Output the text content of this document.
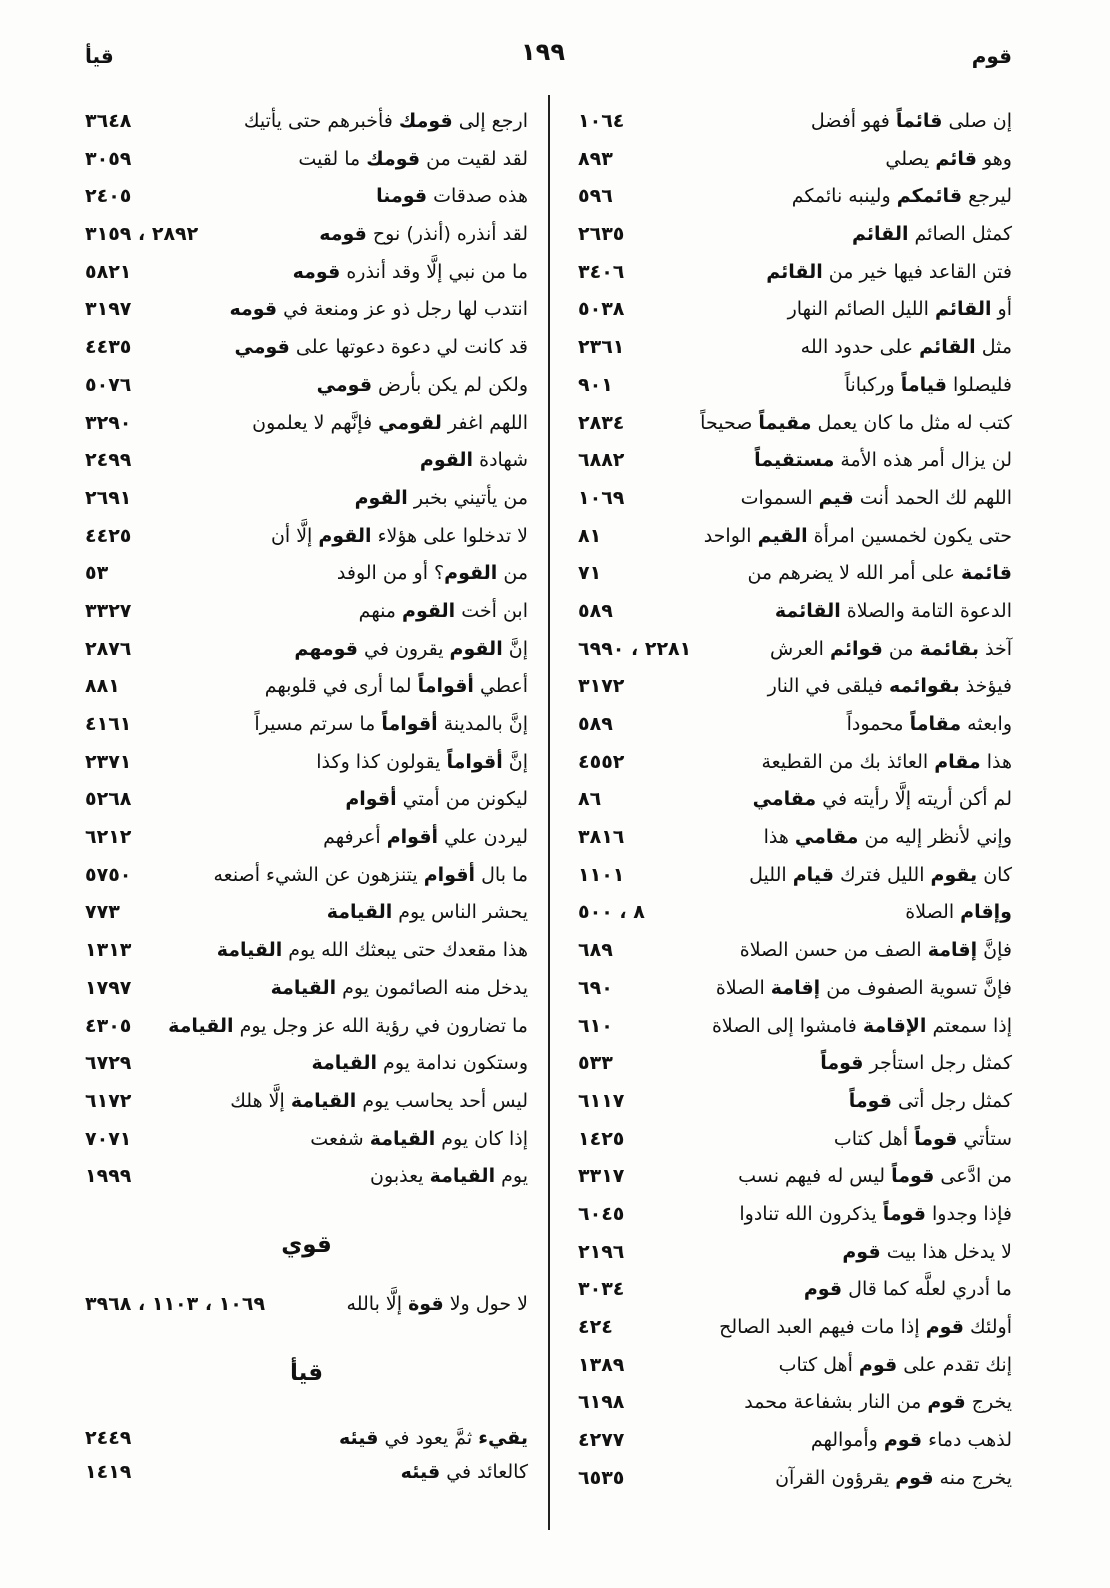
قوم
١٩٩
قيأ
١٠٦٤	إن صلى قائماً فهو أفضل
٨٩٣	وهو قائم يصلي
٥٩٦	ليرجع قائمكم ولينبه نائمكم
٢٦٣٥	كمثل الصائم القائم
٣٤٠٦	فتن القاعد فيها خير من القائم
٥٠٣٨	أو القائم الليل الصائم النهار
٢٣٦١	مثل القائم على حدود الله
٩٠١	فليصلوا قياماً وركباناً
٢٨٣٤	كتب له مثل ما كان يعمل مقيماً صحيحاً
٦٨٨٢	لن يزال أمر هذه الأمة مستقيماً
١٠٦٩	اللهم لك الحمد أنت قيم السموات
٨١	حتى يكون لخمسين امرأة القيم الواحد
٧١	قائمة على أمر الله لا يضرهم من
٥٨٩	الدعوة التامة والصلاة القائمة
٢٢٨١ ، ٦٩٩٠	آخذ بقائمة من قوائم العرش
٣١٧٢	فيؤخذ بقوائمه فيلقى في النار
٥٨٩	وابعثه مقاماً محموداً
٤٥٥٢	هذا مقام العائذ بك من القطيعة
٨٦	لم أكن أريته إلَّا رأيته في مقامي
٣٨١٦	وإني لأنظر إليه من مقامي هذا
١١٠١	كان يقوم الليل فترك قيام الليل
٨ ، ٥٠٠	وإقام الصلاة
٦٨٩	فإنَّ إقامة الصف من حسن الصلاة
٦٩٠	فإنَّ تسوية الصفوف من إقامة الصلاة
٦١٠	إذا سمعتم الإقامة فامشوا إلى الصلاة
٥٣٣	كمثل رجل استأجر قوماً
٦١١٧	كمثل رجل أتى قوماً
١٤٢٥	ستأتي قوماً أهل كتاب
٣٣١٧	من ادَّعى قوماً ليس له فيهم نسب
٦٠٤٥	فإذا وجدوا قوماً يذكرون الله تنادوا
٢١٩٦	لا يدخل هذا بيت قوم
٣٠٣٤	ما أدري لعلَّه كما قال قوم
٤٢٤	أولئك قوم إذا مات فيهم العبد الصالح
١٣٨٩	إنك تقدم على قوم أهل كتاب
٦١٩٨	يخرج قوم من النار بشفاعة محمد
٤٢٧٧	لذهب دماء قوم وأموالهم
٦٥٣٥	يخرج منه قوم يقرؤون القرآن
٣٦٤٨	ارجع إلى قومك فأخبرهم حتى يأتيك
٣٠٥٩	لقد لقيت من قومك ما لقيت
٢٤٠٥	هذه صدقات قومنا
٢٨٩٢ ، ٣١٥٩	لقد أنذره (أنذر) نوح قومه
٥٨٢١	ما من نبي إلَّا وقد أنذره قومه
٣١٩٧	انتدب لها رجل ذو عز ومنعة في قومه
٤٤٣٥	قد كانت لي دعوة دعوتها على قومي
٥٠٧٦	ولكن لم يكن بأرض قومي
٣٢٩٠	اللهم اغفر لقومي فإنَّهم لا يعلمون
٢٤٩٩	شهادة القوم
٢٦٩١	من يأتيني بخبر القوم
٤٤٢٥	لا تدخلوا على هؤلاء القوم إلَّا أن
٥٣	من القوم؟ أو من الوفد
٣٣٢٧	ابن أخت القوم منهم
٢٨٧٦	إنَّ القوم يقرون في قومهم
٨٨١	أعطي أقواماً لما أرى في قلوبهم
٤١٦١	إنَّ بالمدينة أقواماً ما سرتم مسيراً
٢٣٧١	إنَّ أقواماً يقولون كذا وكذا
٥٢٦٨	ليكونن من أمتي أقوام
٦٢١٢	ليردن علي أقوام أعرفهم
٥٧٥٠	ما بال أقوام يتنزهون عن الشيء أصنعه
٧٧٣	يحشر الناس يوم القيامة
١٣١٣	هذا مقعدك حتى يبعثك الله يوم القيامة
١٧٩٧	يدخل منه الصائمون يوم القيامة
٤٣٠٥	ما تضارون في رؤية الله عز وجل يوم القيامة
٦٧٢٩	وستكون ندامة يوم القيامة
٦١٧٢	ليس أحد يحاسب يوم القيامة إلَّا هلك
٧٠٧١	إذا كان يوم القيامة شفعت
١٩٩٩	يوم القيامة يعذبون
قوي
١٠٦٩ ، ١١٠٣ ، ٣٩٦٨	لا حول ولا قوة إلَّا بالله
قيأ
٢٤٤٩	يقيء ثمَّ يعود في قيئه
١٤١٩	كالعائد في قيئه
